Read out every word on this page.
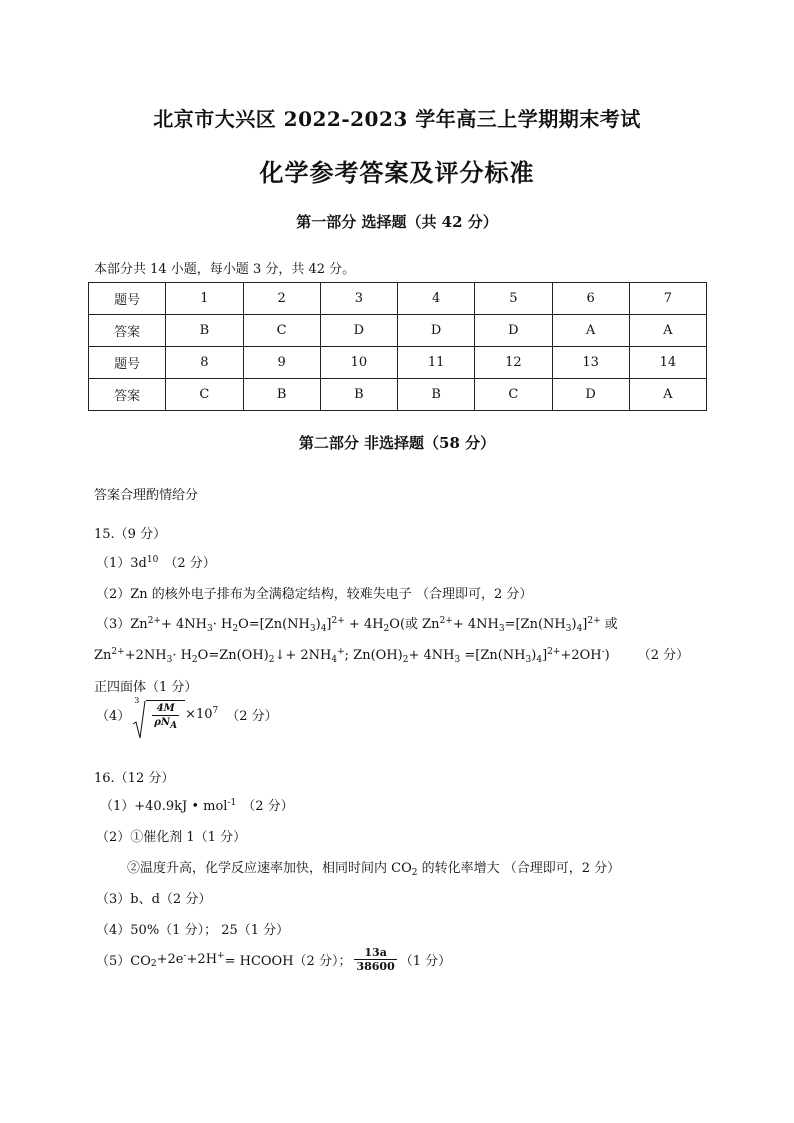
北京市大兴区 2022-2023 学年高三上学期期末考试
化学参考答案及评分标准
第一部分 选择题（共 42 分）
本部分共 14 小题，每小题 3 分，共 42 分。
题号	1	2	3	4	5	6	7
答案	B	C	D	D	D	A	A
题号	8	9	10	11	12	13	14
答案	C	B	B	B	C	D	A
第二部分 非选择题（58 分）
答案合理酌情给分
15.（9 分）
$(1)3d^{10}$ （2 分）
（2）Zn 的核外电子排布为全满稳定结构，较难失电子 （合理即可，2 分）
$(3)Zn^{2+}+ 4NH_3\cdot H_2O=[Zn(NH_3)_4]^{2+} + 4H_2O$(或 $Zn^{2+}+ 4NH_3=[Zn(NH_3)_4]^{2+}$ 或
$Zn^{2+}+2NH_3\cdot$ $H_2O=Zn(OH)_2↓+ 2NH_4^+$; $Zn(OH)_2+ 4NH_3 =[Zn(NH_3)_4]^{2+}+2OH^-$) （2 分）
正四面体（1 分）
（4）
3
$\frac{4M}{\rho N_A} \times 10^7$ （2 分）
16.（12 分）
（1）+40.9kJ • mol$^{-1}$ （2 分）
（2）①催化剂 1（1 分）
②温度升高，化学反应速率加快，相同时间内 $CO_2$ 的转化率增大 （合理即可，2 分）
（3）b、d（2 分）
（4）50%（1 分）； 25（1 分）
$(5)CO_2+2e^-+2H^+=$ HCOOH（2 分）； $\frac{13a}{38600} (1$ 分）
